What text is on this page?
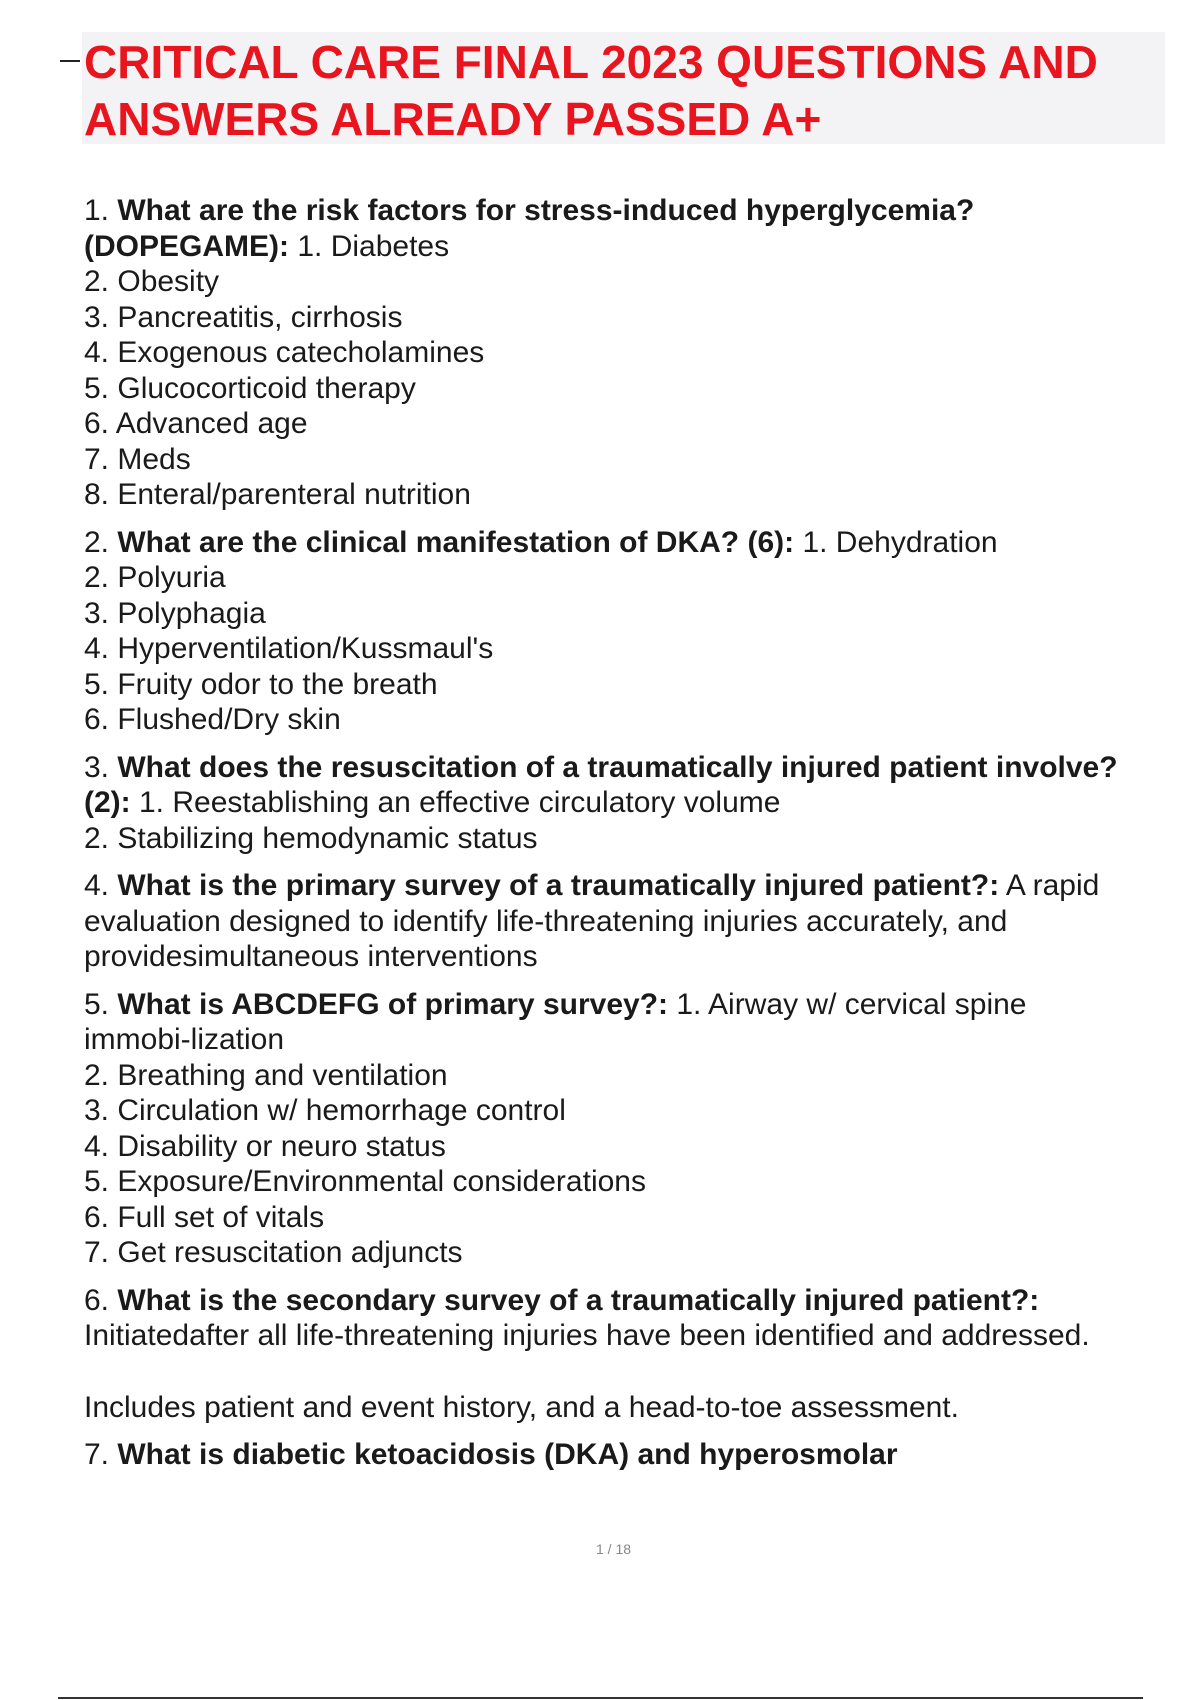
CRITICAL CARE FINAL 2023 QUESTIONS AND ANSWERS ALREADY PASSED A+
1. What are the risk factors for stress-induced hyperglycemia?(DOPEGAME): 1. Diabetes
2. Obesity
3. Pancreatitis, cirrhosis
4. Exogenous catecholamines
5. Glucocorticoid therapy
6. Advanced age
7. Meds
8. Enteral/parenteral nutrition
2. What are the clinical manifestation of DKA? (6): 1. Dehydration
2. Polyuria
3. Polyphagia
4. Hyperventilation/Kussmaul's
5. Fruity odor to the breath
6. Flushed/Dry skin
3. What does the resuscitation of a traumatically injured patient involve?(2): 1. Reestablishing an effective circulatory volume
2. Stabilizing hemodynamic status
4. What is the primary survey of a traumatically injured patient?: A rapid evaluation designed to identify life-threatening injuries accurately, and providesimultaneous interventions
5. What is ABCDEFG of primary survey?: 1. Airway w/ cervical spine immobi-lization
2. Breathing and ventilation
3. Circulation w/ hemorrhage control
4. Disability or neuro status
5. Exposure/Environmental considerations
6. Full set of vitals
7. Get resuscitation adjuncts
6. What is the secondary survey of a traumatically injured patient?: Initiatedafter all life-threatening injuries have been identified and addressed.
Includes patient and event history, and a head-to-toe assessment.
7. What is diabetic ketoacidosis (DKA) and hyperosmolar
1 / 18
